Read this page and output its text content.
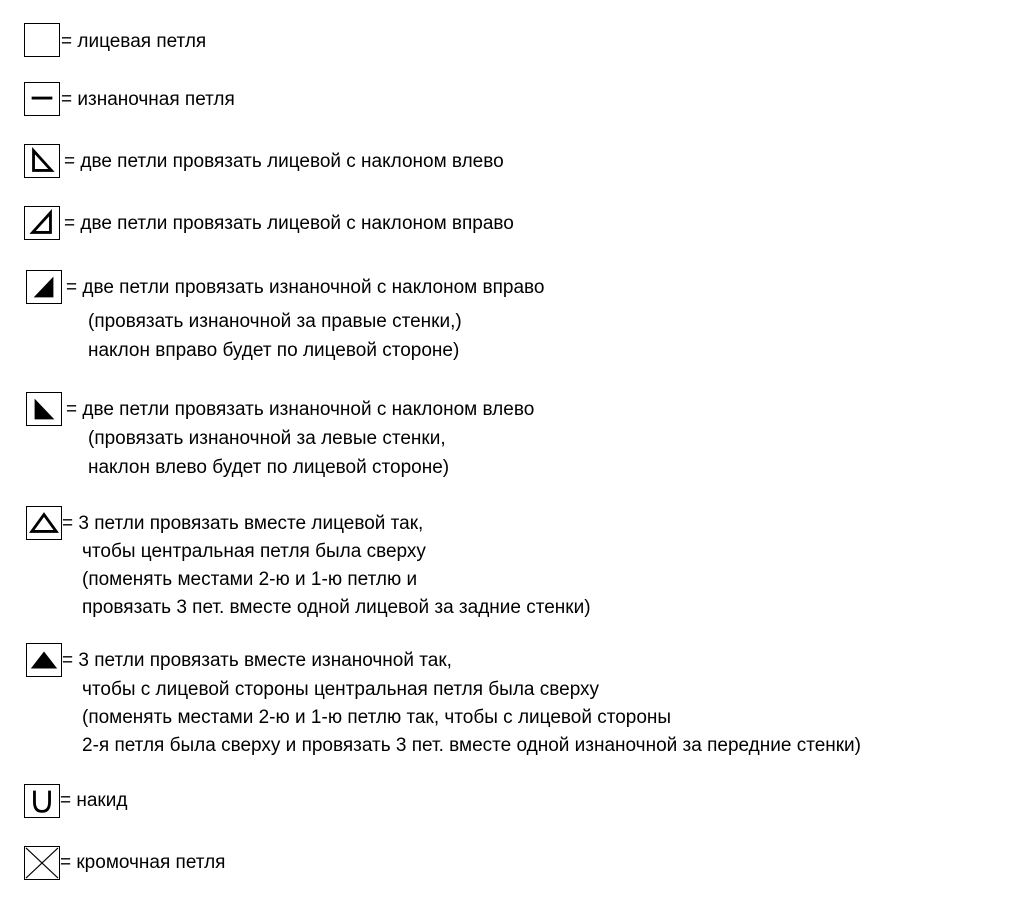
= лицевая петля
= изнаночная петля
= две петли провязать лицевой с наклоном влево
= две петли провязать лицевой с наклоном вправо
= две петли провязать изнаночной с наклоном вправо
(провязать изнаночной за правые стенки,)
наклон вправо будет по лицевой стороне)
= две петли провязать изнаночной с наклоном влево
(провязать изнаночной за левые стенки,
наклон влево будет по лицевой стороне)
= 3 петли провязать вместе лицевой так,
чтобы центральная петля была сверху
(поменять местами 2-ю и 1-ю петлю и
провязать 3 пет. вместе одной лицевой за задние стенки)
= 3 петли провязать вместе изнаночной так,
чтобы с лицевой стороны центральная петля была сверху
(поменять местами 2-ю и 1-ю петлю так, чтобы с лицевой стороны
2-я петля была сверху и провязать 3 пет. вместе одной изнаночной за передние стенки)
= накид
= кромочная петля
